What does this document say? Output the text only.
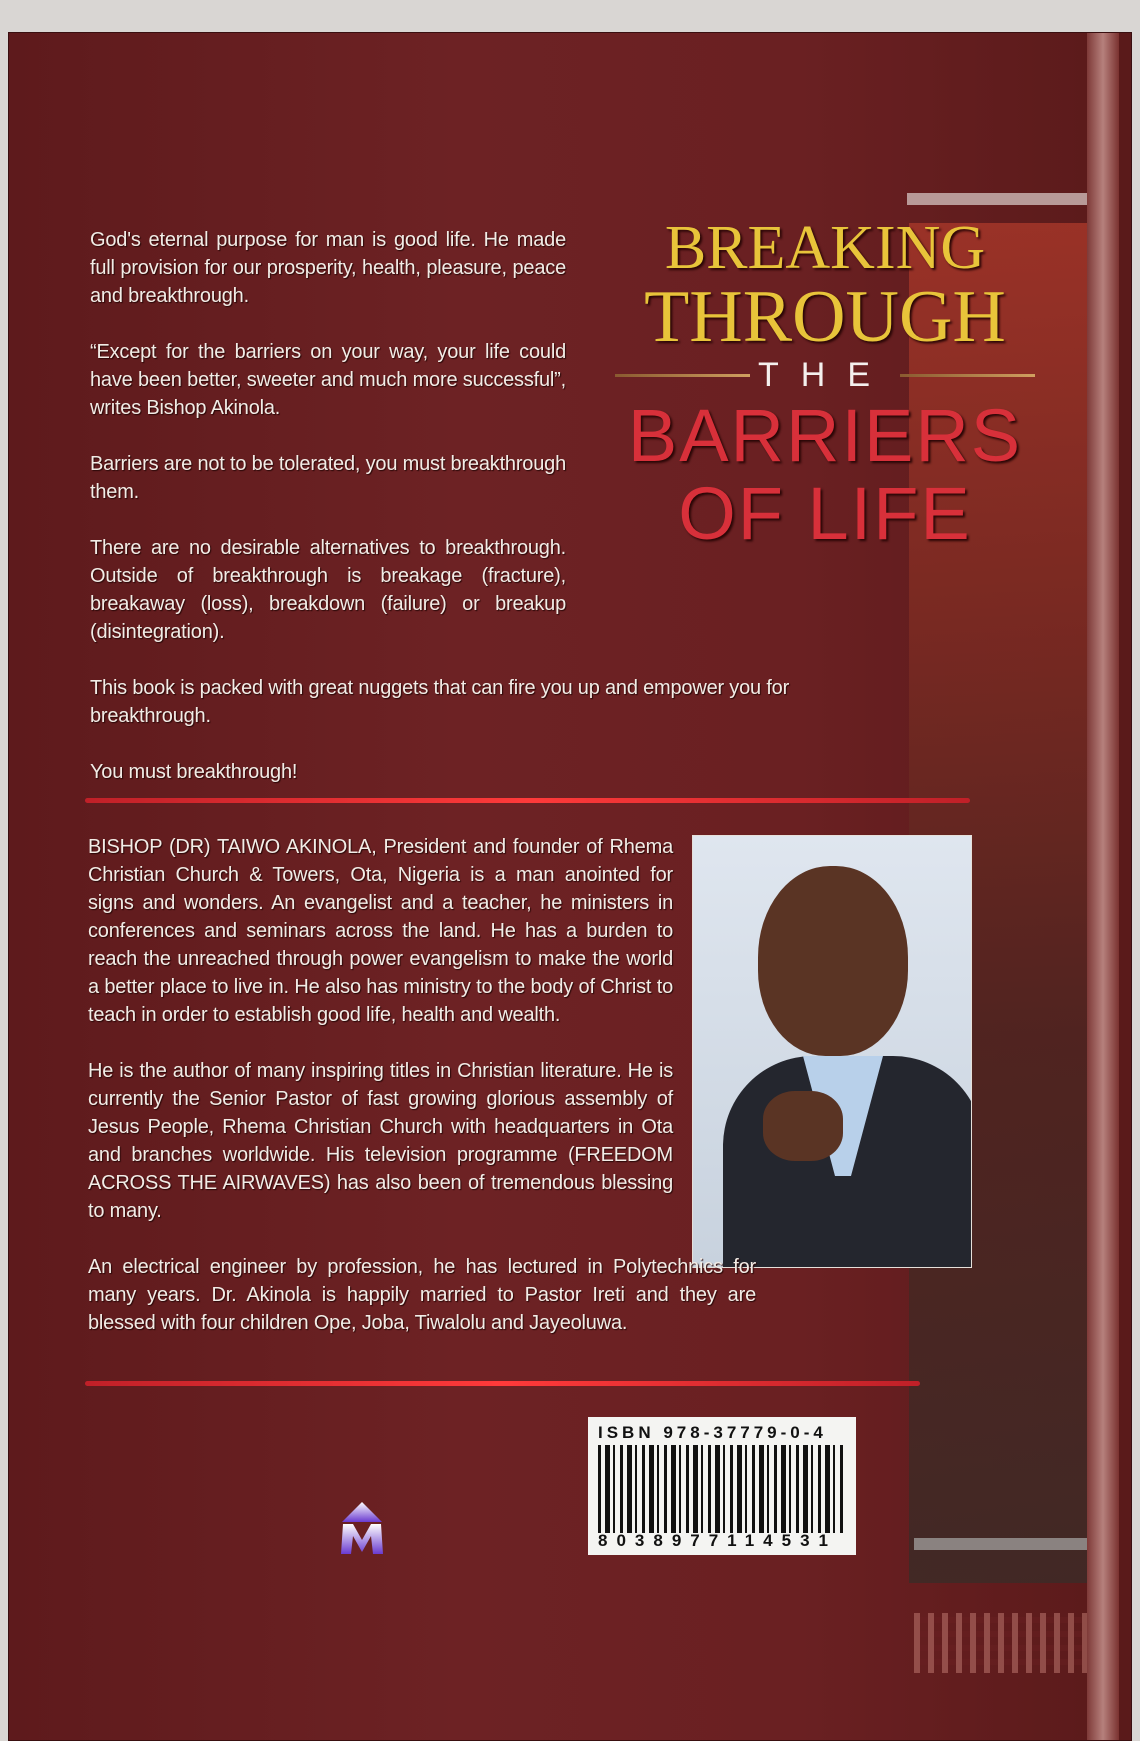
BREAKING
THROUGH
THE
BARRIERS
OF LIFE

God's eternal purpose for man is good life. He made full provision for our prosperity, health, pleasure, peace and breakthrough.

“Except for the barriers on your way, your life could have been better, sweeter and much more successful”, writes Bishop Akinola.

Barriers are not to be tolerated, you must breakthrough them.

There are no desirable alternatives to breakthrough. Outside of breakthrough is breakage (fracture), breakaway (loss), breakdown (failure) or breakup (disintegration).

This book is packed with great nuggets that can fire you up and empower you for breakthrough.

You must breakthrough!

BISHOP (DR) TAIWO AKINOLA, President and founder of Rhema Christian Church & Towers, Ota, Nigeria is a man anointed for signs and wonders. An evangelist and a teacher, he ministers in conferences and seminars across the land. He has a burden to reach the unreached through power evangelism to make the world a better place to live in. He also has ministry to the body of Christ to teach in order to establish good life, health and wealth.

He is the author of many inspiring titles in Christian literature. He is currently the Senior Pastor of fast growing glorious assembly of Jesus People, Rhema Christian Church with headquarters in Ota and branches worldwide. His television programme (FREEDOM ACROSS THE AIRWAVES) has also been of tremendous blessing to many.

An electrical engineer by profession, he has lectured in Polytechnics for many years. Dr. Akinola is happily married to Pastor Ireti and they are blessed with four children Ope, Joba, Tiwalolu and Jayeoluwa.

ISBN 978-37779-0-4
8038977114531
